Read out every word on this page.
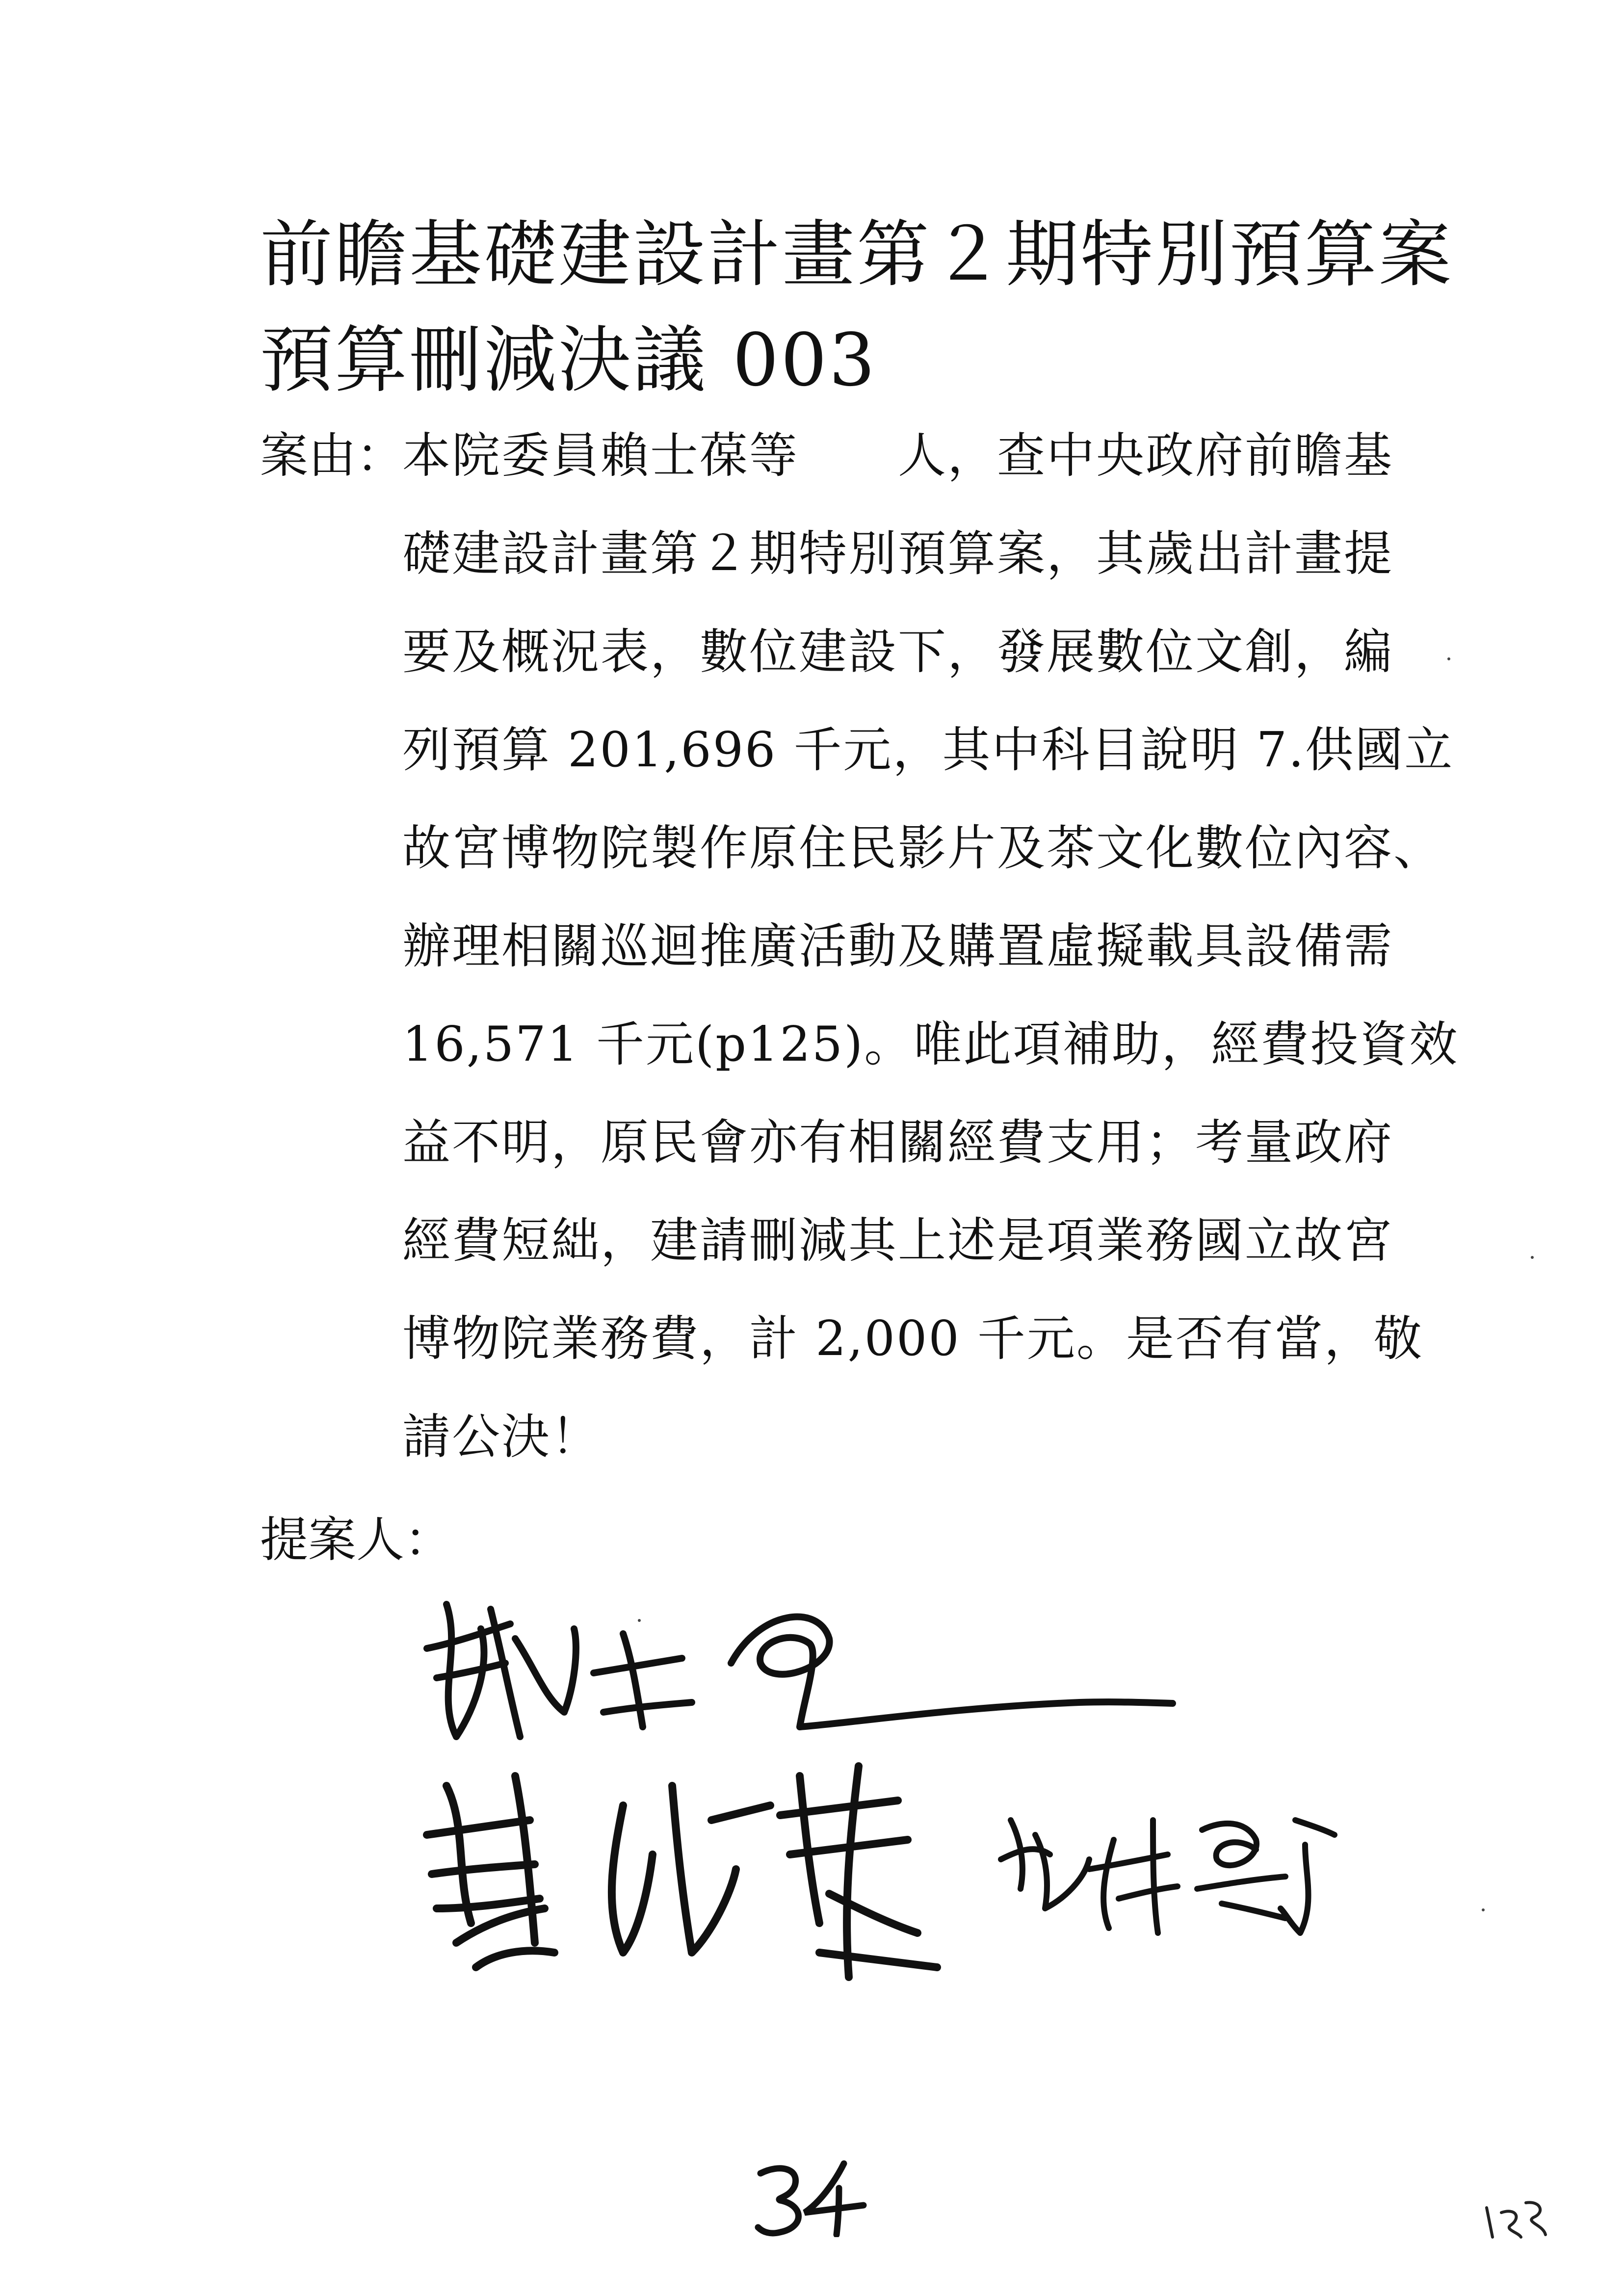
前瞻基礎建設計畫第２期特別預算案
預算刪減決議 003
案由：
本院委員賴士葆等　　人，查中央政府前瞻基
礎建設計畫第２期特別預算案，其歲出計畫提
要及概況表，數位建設下，發展數位文創，編
列預算 201,696 千元，其中科目說明 7.供國立
故宮博物院製作原住民影片及茶文化數位內容、
辦理相關巡迴推廣活動及購置虛擬載具設備需
16,571 千元(p125)。唯此項補助，經費投資效
益不明，原民會亦有相關經費支用；考量政府
經費短絀，建請刪減其上述是項業務國立故宮
博物院業務費，計 2,000 千元。是否有當，敬
請公決！
提案人：
